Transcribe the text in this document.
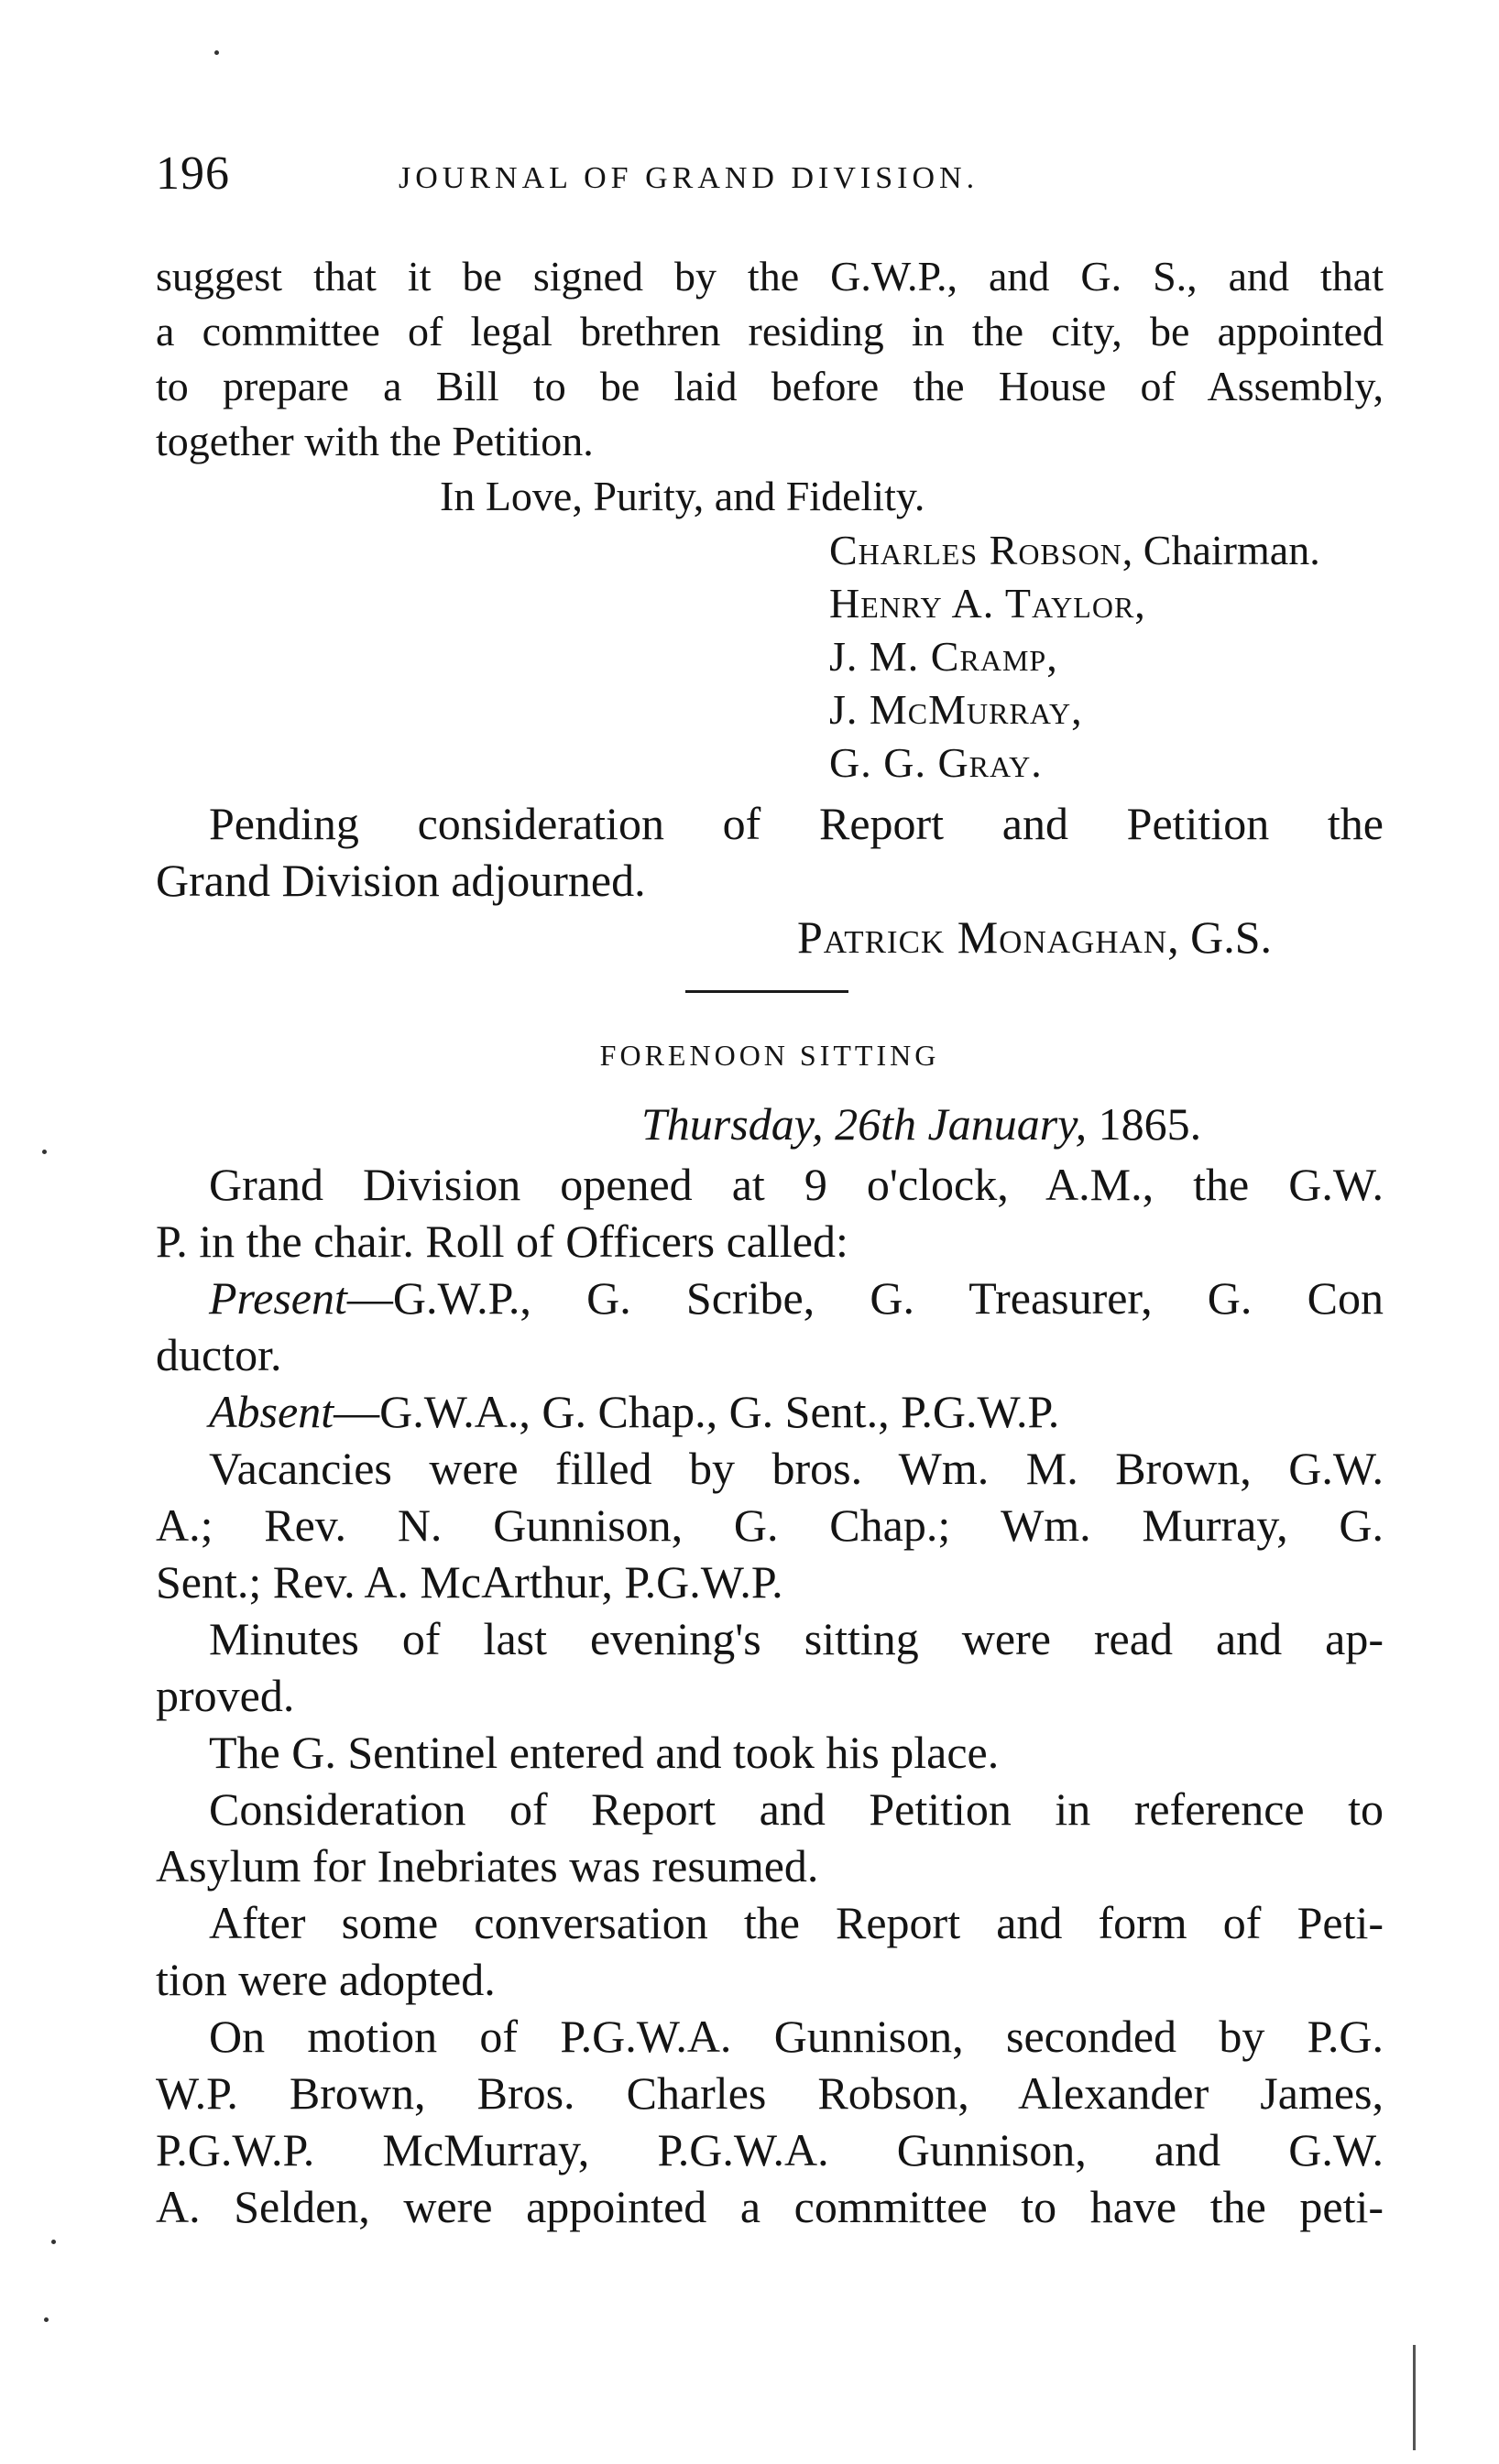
196	JOURNAL OF GRAND DIVISION.
suggest that it be signed by the G.W.P., and G. S., and that
a committee of legal brethren residing in the city, be appointed
to prepare a Bill to be laid before the House of Assembly,
together with the Petition.
In Love, Purity, and Fidelity.
Charles Robson, Chairman.
Henry A. Taylor,
J. M. Cramp,
J. McMurray,
G. G. Gray.
Pending consideration of Report and Petition the
Grand Division adjourned.
Patrick Monaghan, G.S.
FORENOON SITTING
Thursday, 26th January, 1865.
Grand Division opened at 9 o'clock, A.M., the G.W.
P. in the chair. Roll of Officers called:
Present—G.W.P., G. Scribe, G. Treasurer, G. Con
ductor.
Absent—G.W.A., G. Chap., G. Sent., P.G.W.P.
Vacancies were filled by bros. Wm. M. Brown, G.W.
A.; Rev. N. Gunnison, G. Chap.; Wm. Murray, G.
Sent.; Rev. A. McArthur, P.G.W.P.
Minutes of last evening's sitting were read and ap-
proved.
The G. Sentinel entered and took his place.
Consideration of Report and Petition in reference to
Asylum for Inebriates was resumed.
After some conversation the Report and form of Peti-
tion were adopted.
On motion of P.G.W.A. Gunnison, seconded by P.G.
W.P. Brown, Bros. Charles Robson, Alexander James,
P.G.W.P. McMurray, P.G.W.A. Gunnison, and G.W.
A. Selden, were appointed a committee to have the peti-
